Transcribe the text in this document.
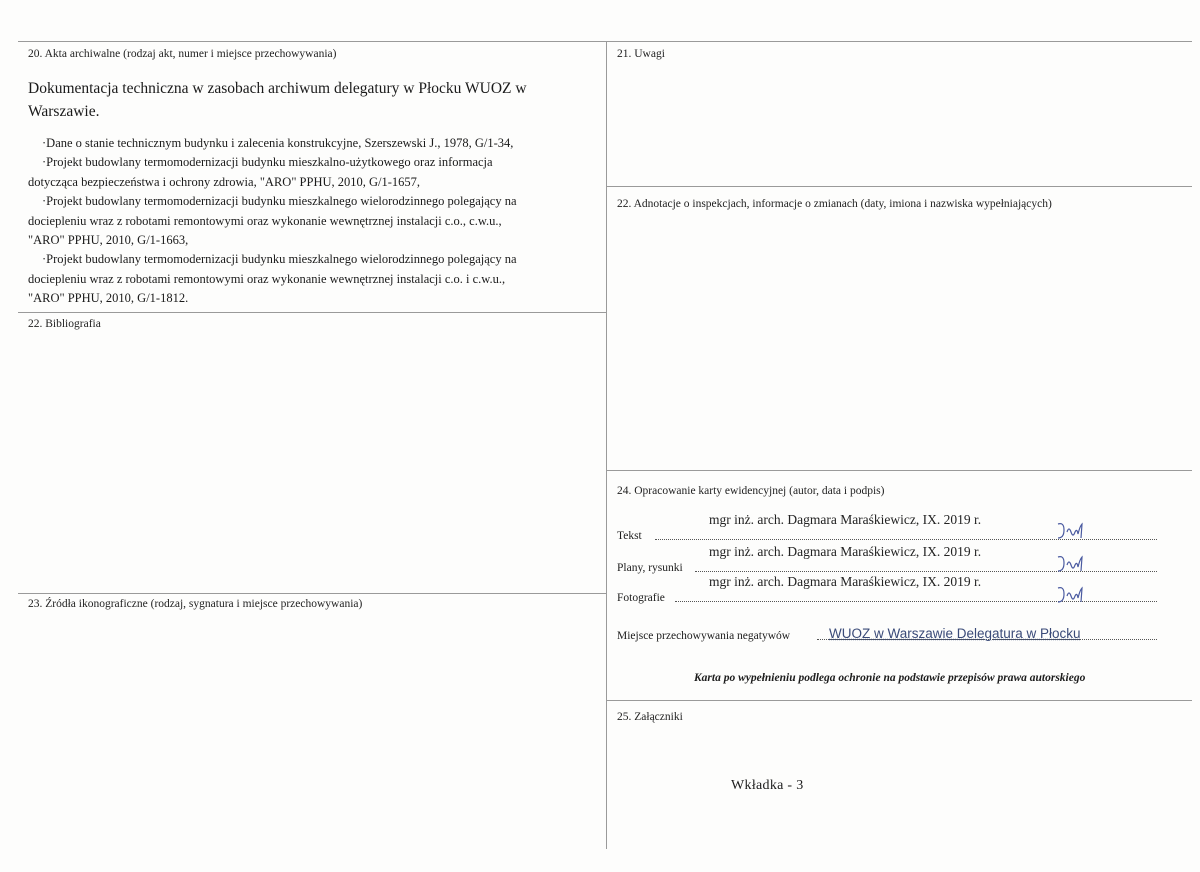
20. Akta archiwalne (rodzaj akt, numer i miejsce przechowywania)
Dokumentacja techniczna w zasobach archiwum delegatury w Płocku WUOZ w
Warszawie.

·Dane o stanie technicznym budynku i zalecenia konstrukcyjne, Szerszewski J., 1978, G/1-34,

·Projekt budowlany termomodernizacji budynku mieszkalno-użytkowego oraz informacja

dotycząca bezpieczeństwa i ochrony zdrowia, "ARO" PPHU, 2010, G/1-1657,

·Projekt budowlany termomodernizacji budynku mieszkalnego wielorodzinnego polegający na

dociepleniu wraz z robotami remontowymi oraz wykonanie wewnętrznej instalacji c.o., c.w.u.,

"ARO" PPHU, 2010, G/1-1663,

·Projekt budowlany termomodernizacji budynku mieszkalnego wielorodzinnego polegający na

dociepleniu wraz z robotami remontowymi oraz wykonanie wewnętrznej instalacji c.o. i c.w.u.,

"ARO" PPHU, 2010, G/1-1812.

22. Bibliografia
23. Źródła ikonograficzne (rodzaj, sygnatura i miejsce przechowywania)
21. Uwagi
22. Adnotacje o inspekcjach, informacje o zmianach (daty, imiona i nazwiska wypełniających)
24. Opracowanie karty ewidencyjnej (autor, data i podpis)
Tekst
mgr inż. arch. Dagmara Maraśkiewicz, IX. 2019 r.
Plany, rysunki
mgr inż. arch. Dagmara Maraśkiewicz, IX. 2019 r.
Fotografie
mgr inż. arch. Dagmara Maraśkiewicz, IX. 2019 r.
Miejsce przechowywania negatywów	WUOZ w Warszawie Delegatura w Płocku
Karta po wypełnieniu podlega ochronie na podstawie przepisów prawa autorskiego
25. Załączniki
Wkładka - 3
